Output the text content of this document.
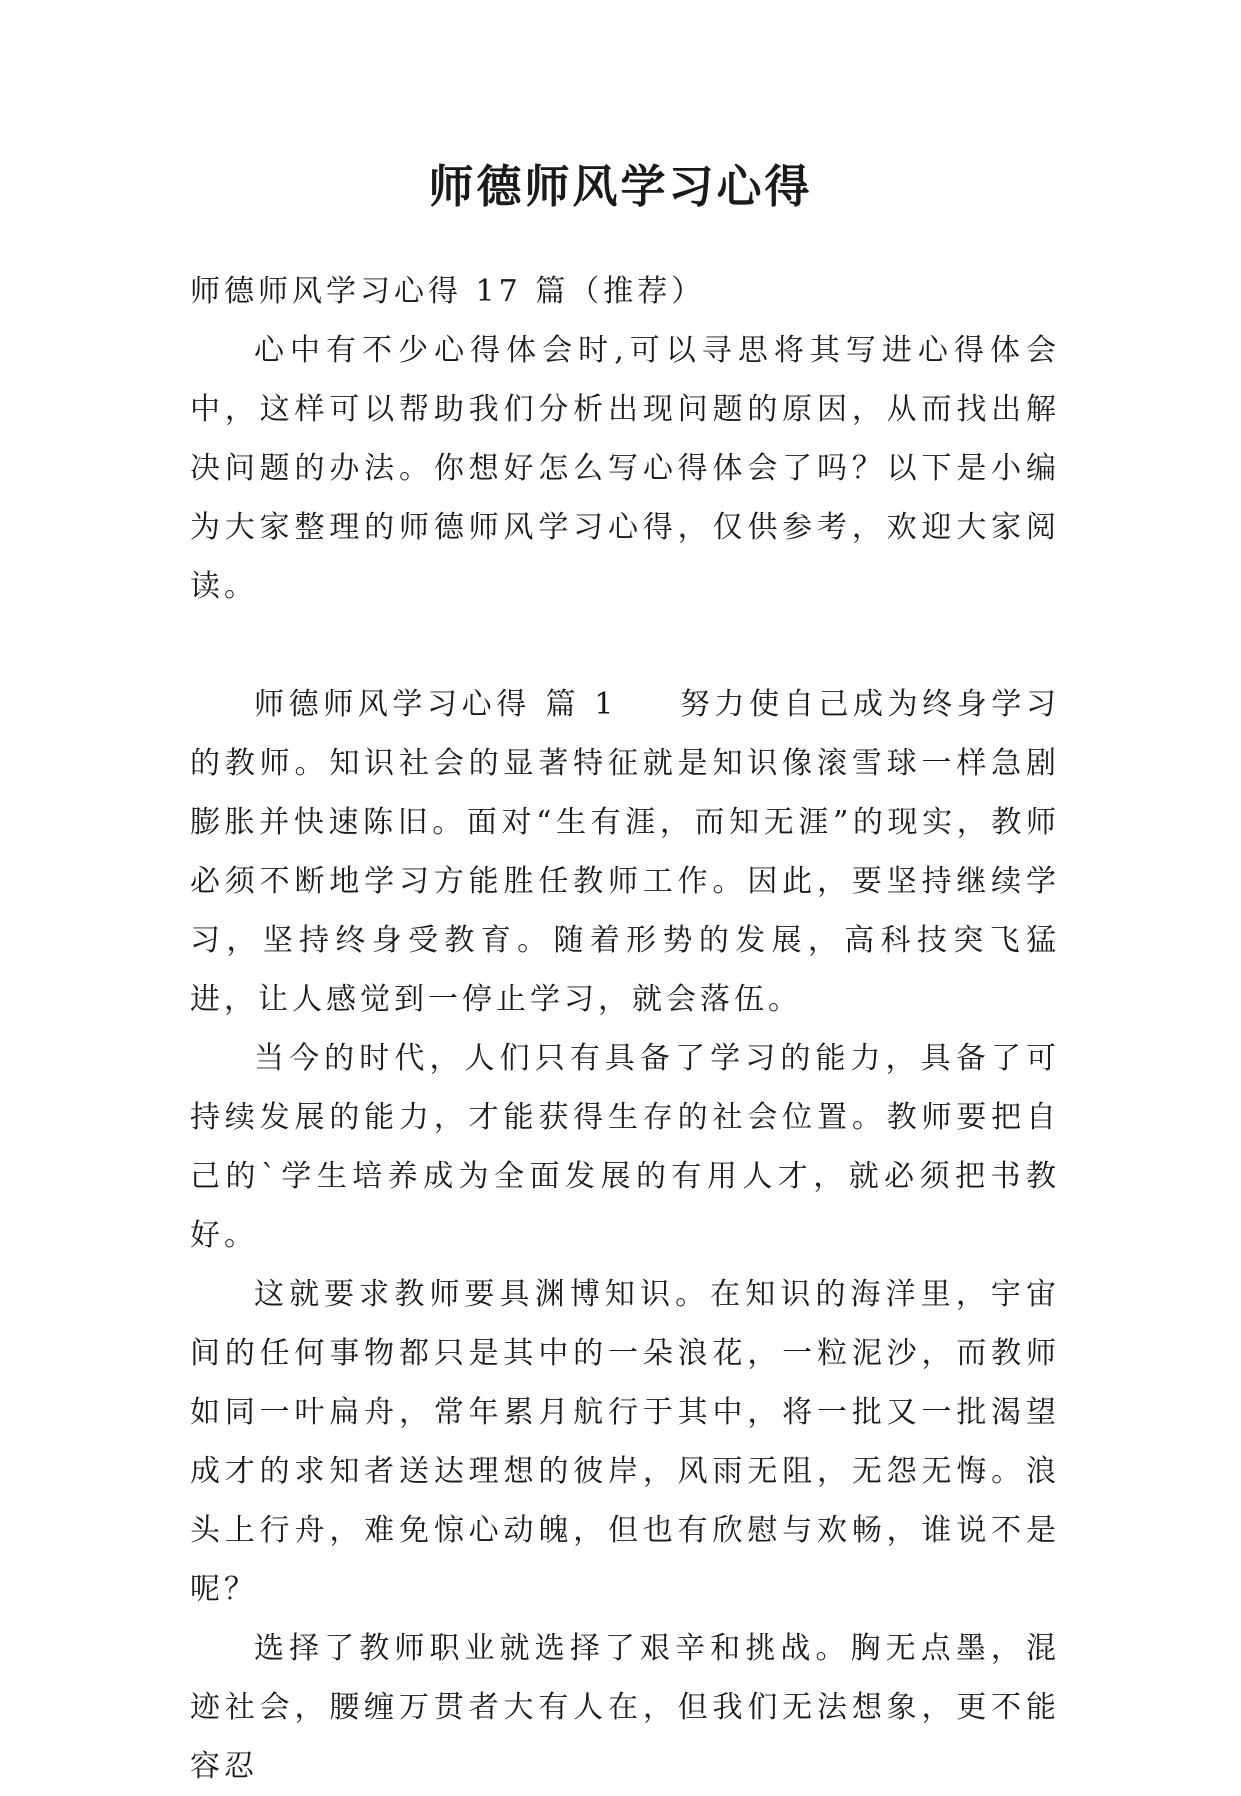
师德师风学习心得

师德师风学习心得 17 篇（推荐）

心中有不少心得体会时,可以寻思将其写进心得体会中，这样可以帮助我们分析出现问题的原因，从而找出解决问题的办法。你想好怎么写心得体会了吗？以下是小编为大家整理的师德师风学习心得，仅供参考，欢迎大家阅读。

师德师风学习心得 篇 1 努力使自己成为终身学习的教师。知识社会的显著特征就是知识像滚雪球一样急剧膨胀并快速陈旧。面对“生有涯，而知无涯”的现实，教师必须不断地学习方能胜任教师工作。因此，要坚持继续学习，坚持终身受教育。随着形势的发展，高科技突飞猛进，让人感觉到一停止学习，就会落伍。

当今的时代，人们只有具备了学习的能力，具备了可持续发展的能力，才能获得生存的社会位置。教师要把自己的`学生培养成为全面发展的有用人才，就必须把书教好。

这就要求教师要具渊博知识。在知识的海洋里，宇宙间的任何事物都只是其中的一朵浪花，一粒泥沙，而教师如同一叶扁舟，常年累月航行于其中，将一批又一批渴望成才的求知者送达理想的彼岸，风雨无阻，无怨无悔。浪头上行舟，难免惊心动魄，但也有欣慰与欢畅，谁说不是呢？

选择了教师职业就选择了艰辛和挑战。胸无点墨，混迹社会，腰缠万贯者大有人在，但我们无法想象，更不能容忍
